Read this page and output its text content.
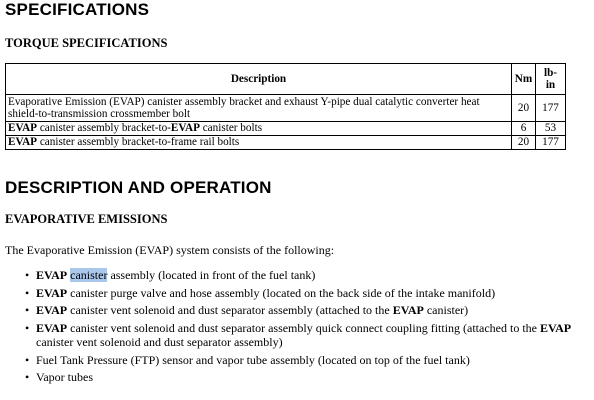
SPECIFICATIONS
TORQUE SPECIFICATIONS
Description	Nm	lb-
in
Evaporative Emission (EVAP) canister assembly bracket and exhaust Y-pipe dual catalytic converter heat shield-to-transmission crossmember bolt	20	177
EVAP canister assembly bracket-to-EVAP canister bolts	6	53
EVAP canister assembly bracket-to-frame rail bolts	20	177
DESCRIPTION AND OPERATION
EVAPORATIVE EMISSIONS
The Evaporative Emission (EVAP) system consists of the following:
• EVAP canister assembly (located in front of the fuel tank)
• EVAP canister purge valve and hose assembly (located on the back side of the intake manifold)
• EVAP canister vent solenoid and dust separator assembly (attached to the EVAP canister)
• EVAP canister vent solenoid and dust separator assembly quick connect coupling fitting (attached to the EVAP canister vent solenoid and dust separator assembly)
• Fuel Tank Pressure (FTP) sensor and vapor tube assembly (located on top of the fuel tank)
• Vapor tubes
